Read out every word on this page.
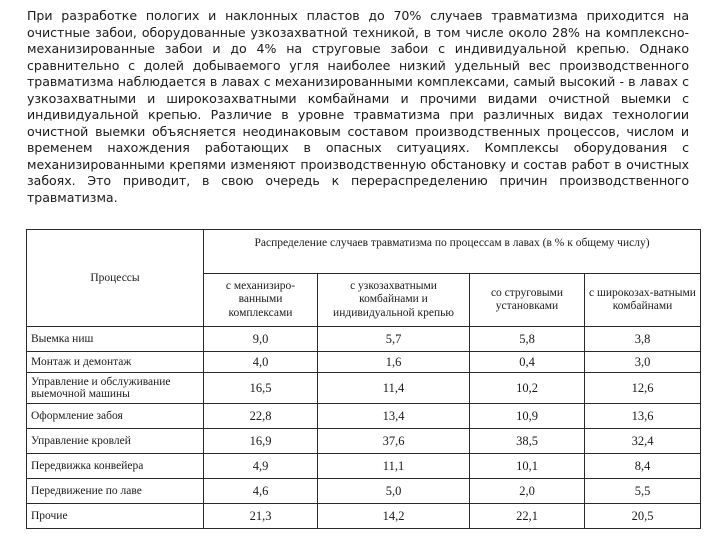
При разработке пологих и наклонных пластов до 70% случаев травматизма приходится на очистные забои, оборудованные узкозахватной техникой, в том числе около 28% на комплексно-механизированные забои и до 4% на струговые забои с индивидуальной крепью. Однако сравнительно с долей добываемого угля наиболее низкий удельный вес производственного травматизма наблюдается в лавах с механизированными комплексами, самый высокий - в лавах с узкозахватными и широкозахватными комбайнами и прочими видами очистной выемки с индивидуальной крепью. Различие в уровне травматизма при различных видах технологии очистной выемки объясняется неодинаковым составом производственных процессов, числом и временем нахождения работающих в опасных ситуациях. Комплексы оборудования с механизированными крепями изменяют производственную обстановку и состав работ в очистных забоях. Это приводит, в свою очередь к перераспределению причин производственного травматизма.

Процессы	Распределение случаев травматизма по процессам в лавах (в % к общему числу)			
	с механизиро-ванными комплексами	с узкозахватными комбайнами и индивидуальной крепью	со струговыми установками	с широкозах-ватными комбайнами
Выемка ниш	9,0	5,7	5,8	3,8
Монтаж и демонтаж	4,0	1,6	0,4	3,0
Управление и обслуживание выемочной машины	16,5	11,4	10,2	12,6
Оформление забоя	22,8	13,4	10,9	13,6
Управление кровлей	16,9	37,6	38,5	32,4
Передвижка конвейера	4,9	11,1	10,1	8,4
Передвижение по лаве	4,6	5,0	2,0	5,5
Прочие	21,3	14,2	22,1	20,5
